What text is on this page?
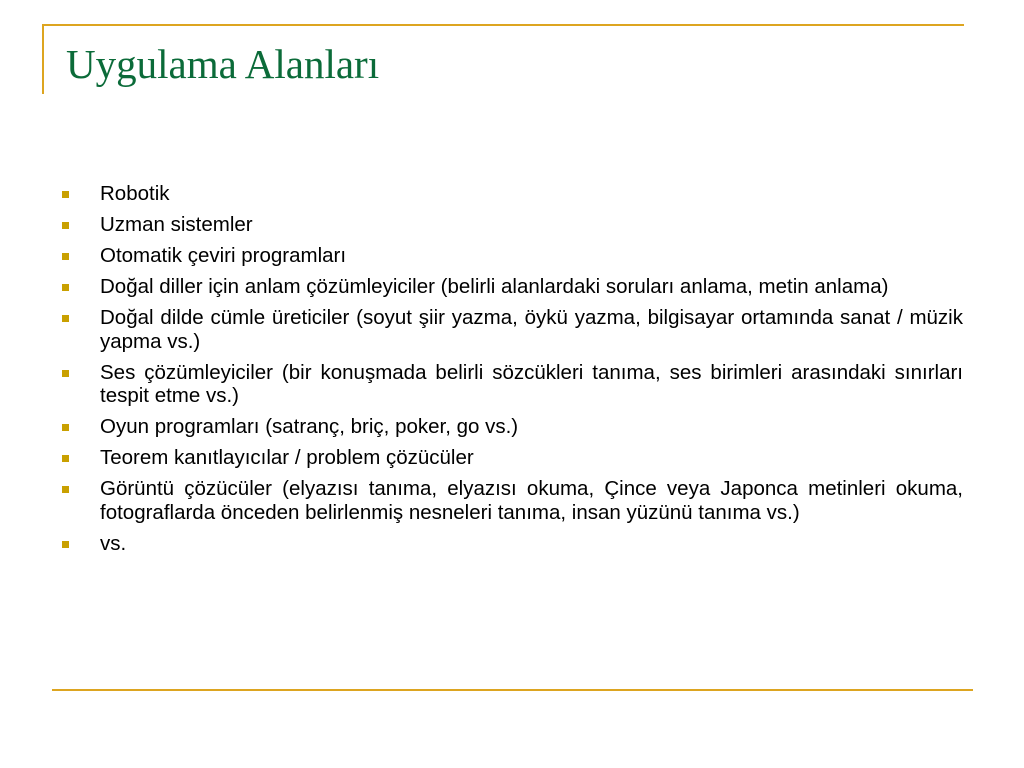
Uygulama Alanları
Robotik
Uzman sistemler
Otomatik çeviri programları
Doğal diller için anlam çözümleyiciler (belirli alanlardaki soruları anlama, metin anlama)
Doğal dilde cümle üreticiler (soyut şiir yazma, öykü yazma, bilgisayar ortamında sanat / müzik yapma vs.)
Ses çözümleyiciler (bir konuşmada belirli sözcükleri tanıma, ses birimleri arasındaki sınırları tespit etme vs.)
Oyun programları (satranç, briç, poker, go vs.)
Teorem kanıtlayıcılar / problem çözücüler
Görüntü çözücüler (elyazısı tanıma, elyazısı okuma, Çince veya Japonca metinleri okuma, fotograflarda önceden belirlenmiş nesneleri tanıma, insan yüzünü tanıma vs.)
vs.
